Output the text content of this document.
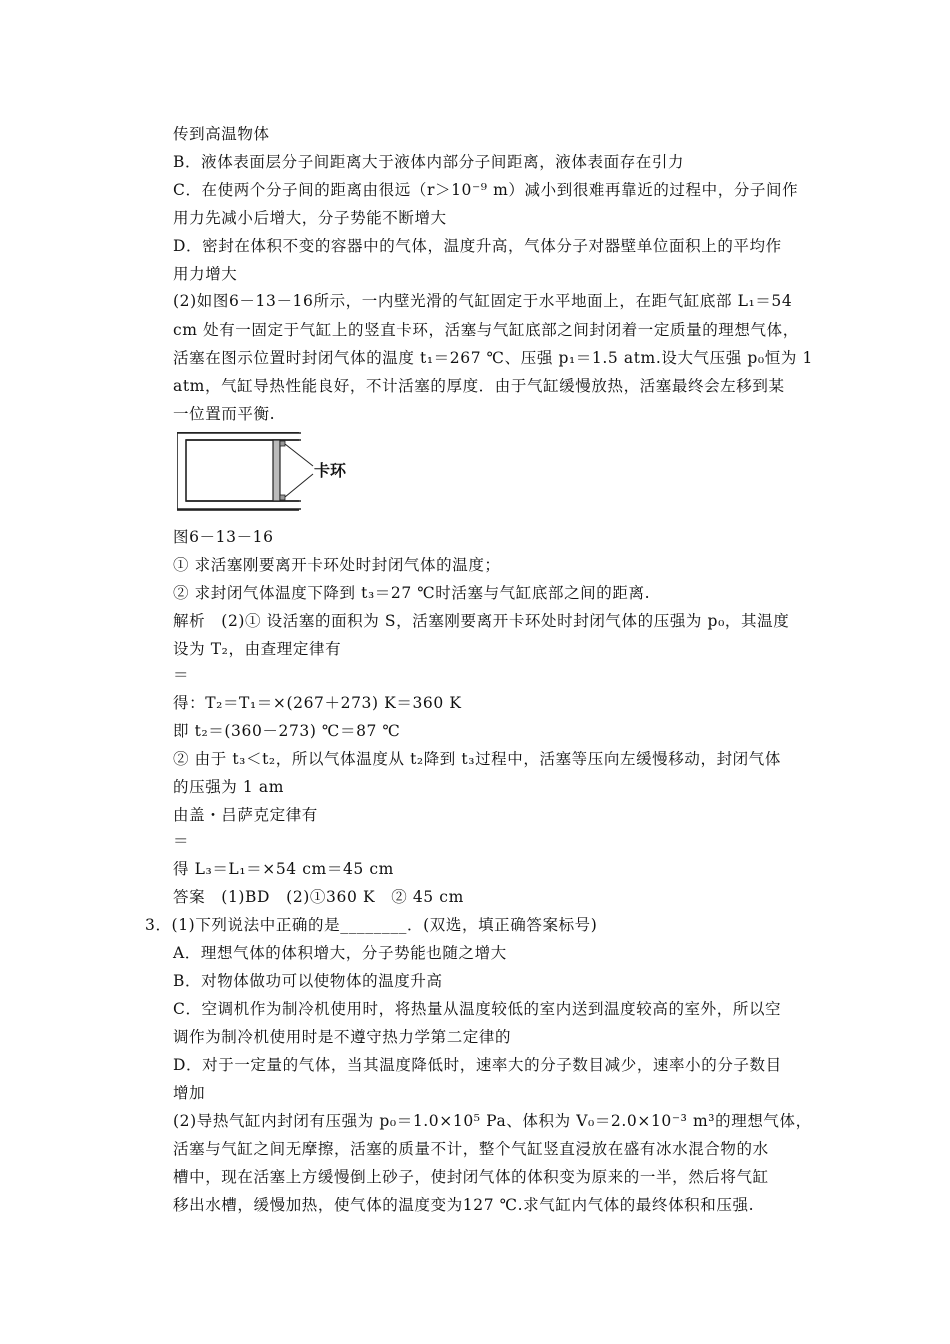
传到高温物体
B．液体表面层分子间距离大于液体内部分子间距离，液体表面存在引力
C．在使两个分子间的距离由很远（r＞10⁻⁹ m）减小到很难再靠近的过程中，分子间作
用力先减小后增大，分子势能不断增大
D．密封在体积不变的容器中的气体，温度升高，气体分子对器壁单位面积上的平均作
用力增大
(2)如图6－13－16所示，一内壁光滑的气缸固定于水平地面上，在距气缸底部 L₁＝54
cm 处有一固定于气缸上的竖直卡环，活塞与气缸底部之间封闭着一定质量的理想气体，
活塞在图示位置时封闭气体的温度 t₁＝267 ℃、压强 p₁＝1.5 atm.设大气压强 p₀恒为 1
atm，气缸导热性能良好，不计活塞的厚度．由于气缸缓慢放热，活塞最终会左移到某
一位置而平衡.
卡环
图6－13－16
① 求活塞刚要离开卡环处时封闭气体的温度；
② 求封闭气体温度下降到 t₃＝27 ℃时活塞与气缸底部之间的距离.
解析　(2)① 设活塞的面积为 S，活塞刚要离开卡环处时封闭气体的压强为 p₀，其温度
设为 T₂，由查理定律有
＝
得：T₂＝T₁＝×(267＋273) K＝360 K
即 t₂＝(360－273) ℃＝87 ℃
② 由于 t₃＜t₂，所以气体温度从 t₂降到 t₃过程中，活塞等压向左缓慢移动，封闭气体
的压强为 1 am
由盖・吕萨克定律有
＝
得 L₃＝L₁＝×54 cm＝45 cm
答案　(1)BD　(2)①360 K　② 45 cm
3．(1)下列说法中正确的是________．(双选，填正确答案标号)
A．理想气体的体积增大，分子势能也随之增大
B．对物体做功可以使物体的温度升高
C．空调机作为制冷机使用时，将热量从温度较低的室内送到温度较高的室外，所以空
调作为制冷机使用时是不遵守热力学第二定律的
D．对于一定量的气体，当其温度降低时，速率大的分子数目减少，速率小的分子数目
增加
(2)导热气缸内封闭有压强为 p₀＝1.0×10⁵ Pa、体积为 V₀＝2.0×10⁻³ m³的理想气体，
活塞与气缸之间无摩擦，活塞的质量不计，整个气缸竖直浸放在盛有冰水混合物的水
槽中，现在活塞上方缓慢倒上砂子，使封闭气体的体积变为原来的一半，然后将气缸
移出水槽，缓慢加热，使气体的温度变为127 ℃.求气缸内气体的最终体积和压强.
